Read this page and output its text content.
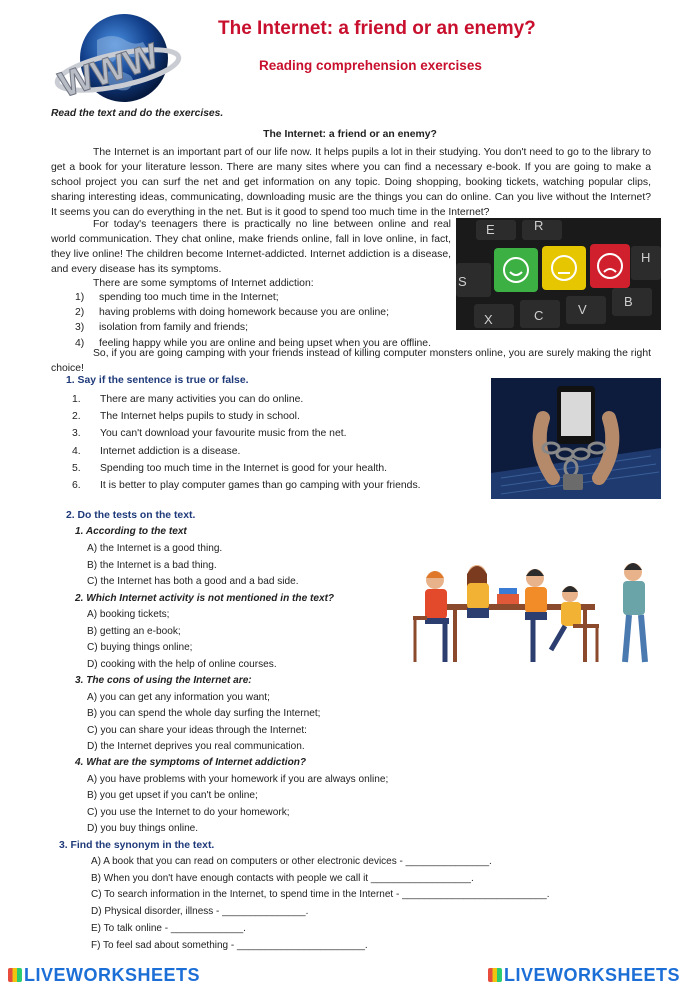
WWW
The Internet: a friend or an enemy?
Reading comprehension exercises
Read the text and do the exercises.
The Internet: a friend or an enemy?

The Internet is an important part of our life now. It helps pupils a lot in their studying. You don't need to go to the library to get a book for your literature lesson. There are many sites where you can find a necessary e-book. If you are going to make a school project you can surf the net and get information on any topic. Doing shopping, booking tickets, watching popular clips, sharing interesting ideas, communicating, downloading music are the things you can do online. Can you live without the Internet? It seems you can do everything in the net. But is it good to spend too much time in the Internet?

For today's teenagers there is practically no line between online and real world communication. They chat online, make friends online, fall in love online, in fact, they live online! The children become Internet-addicted. Internet addiction is a disease, and every disease has its symptoms.

There are some symptoms of Internet addiction:

1)	spending too much time in the Internet;
2)	having problems with doing homework because you are online;
3)	isolation from family and friends;
4)	feeling happy while you are online and being upset when you are offline.

So, if you are going camping with your friends instead of killing computer monsters online, you are surely making the right choice!

E	R
H
S
C	V
B
X
1. Say if the sentence is true or false.
1.	There are many activities you can do online.
2.	The Internet helps pupils to study in school.
3.	You can't download your favourite music from the net.
4.	Internet addiction is a disease.
5.	Spending too much time in the Internet is good for your health.
6.	It is better to play computer games than go camping with your friends.
2. Do the tests on the text.
1. According to the text
A) the Internet is a good thing.
B) the Internet is a bad thing.
C) the Internet has both a good and a bad side.
2. Which Internet activity is not mentioned in the text?
A) booking tickets;
B) getting an e-book;
C) buying things online;
D) cooking with the help of online courses.
3. The cons of using the Internet are:
A) you can get any information you want;
B) you can spend the whole day surfing the Internet;
C) you can share your ideas through the Internet:
D) the Internet deprives you real communication.
4. What are the symptoms of Internet addiction?
A) you have problems with your homework if you are always online;
B) you get upset if you can't be online;
C) you use the Internet to do your homework;
D) you buy things online.
3. Find the synonym in the text.
A) A book that you can read on computers or other electronic devices - _______________.
B) When you don't have enough contacts with people we call it __________________.
C) To search information in the Internet, to spend time in the Internet - __________________________.
D) Physical disorder, illness - _______________.
E) To talk online - _____________.
F) To feel sad about something - _______________________.
LIVEWORKSHEETS	LIVEWORKSHEETS
